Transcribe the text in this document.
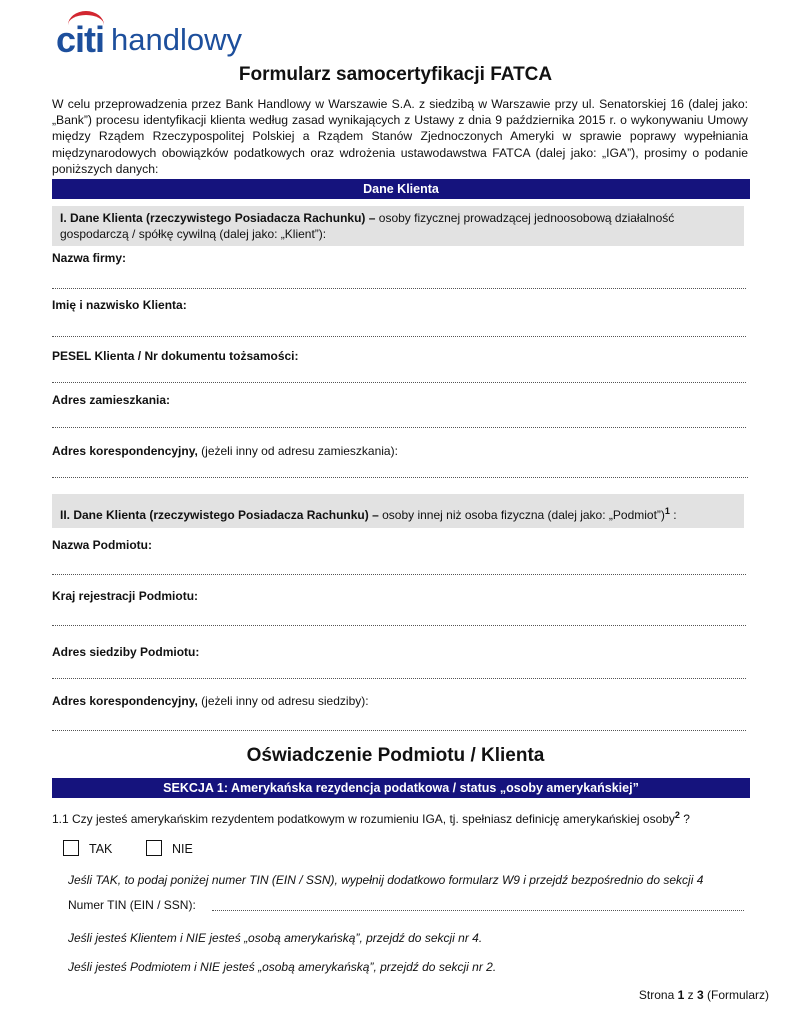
citi handlowy
Formularz samocertyfikacji FATCA
W celu przeprowadzenia przez Bank Handlowy w Warszawie S.A. z siedzibą w Warszawie przy ul. Senatorskiej 16 (dalej jako: „Bank”) procesu identyfikacji klienta według zasad wynikających z Ustawy z dnia 9 października 2015 r. o wykonywaniu Umowy między Rządem Rzeczypospolitej Polskiej a Rządem Stanów Zjednoczonych Ameryki w sprawie poprawy wypełniania międzynarodowych obowiązków podatkowych oraz wdrożenia ustawodawstwa FATCA (dalej jako: „IGA”), prosimy o podanie poniższych danych:
Dane Klienta
I. Dane Klienta (rzeczywistego Posiadacza Rachunku) – osoby fizycznej prowadzącej jednoosobową działalność gospodarczą / spółkę cywilną (dalej jako: „Klient”):
Nazwa firmy:
Imię i nazwisko Klienta:
PESEL Klienta / Nr dokumentu tożsamości:
Adres zamieszkania:
Adres korespondencyjny, (jeżeli inny od adresu zamieszkania):
II. Dane Klienta (rzeczywistego Posiadacza Rachunku) – osoby innej niż osoba fizyczna (dalej jako: „Podmiot”)$^1$ :
Nazwa Podmiotu:
Kraj rejestracji Podmiotu:
Adres siedziby Podmiotu:
Adres korespondencyjny, (jeżeli inny od adresu siedziby):
Oświadczenie Podmiotu / Klienta
SEKCJA 1: Amerykańska rezydencja podatkowa / status „osoby amerykańskiej”
1.1 Czy jesteś amerykańskim rezydentem podatkowym w rozumieniu IGA, tj. spełniasz definicję amerykańskiej osoby$^2$ ?
TAK	NIE
Jeśli TAK, to podaj poniżej numer TIN (EIN / SSN), wypełnij dodatkowo formularz W9 i przejdź bezpośrednio do sekcji 4
Numer TIN (EIN / SSN):
Jeśli jesteś Klientem i NIE jesteś „osobą amerykańską”, przejdź do sekcji nr 4.
Jeśli jesteś Podmiotem i NIE jesteś „osobą amerykańską”, przejdź do sekcji nr 2.
Strona 1 z 3 (Formularz)
